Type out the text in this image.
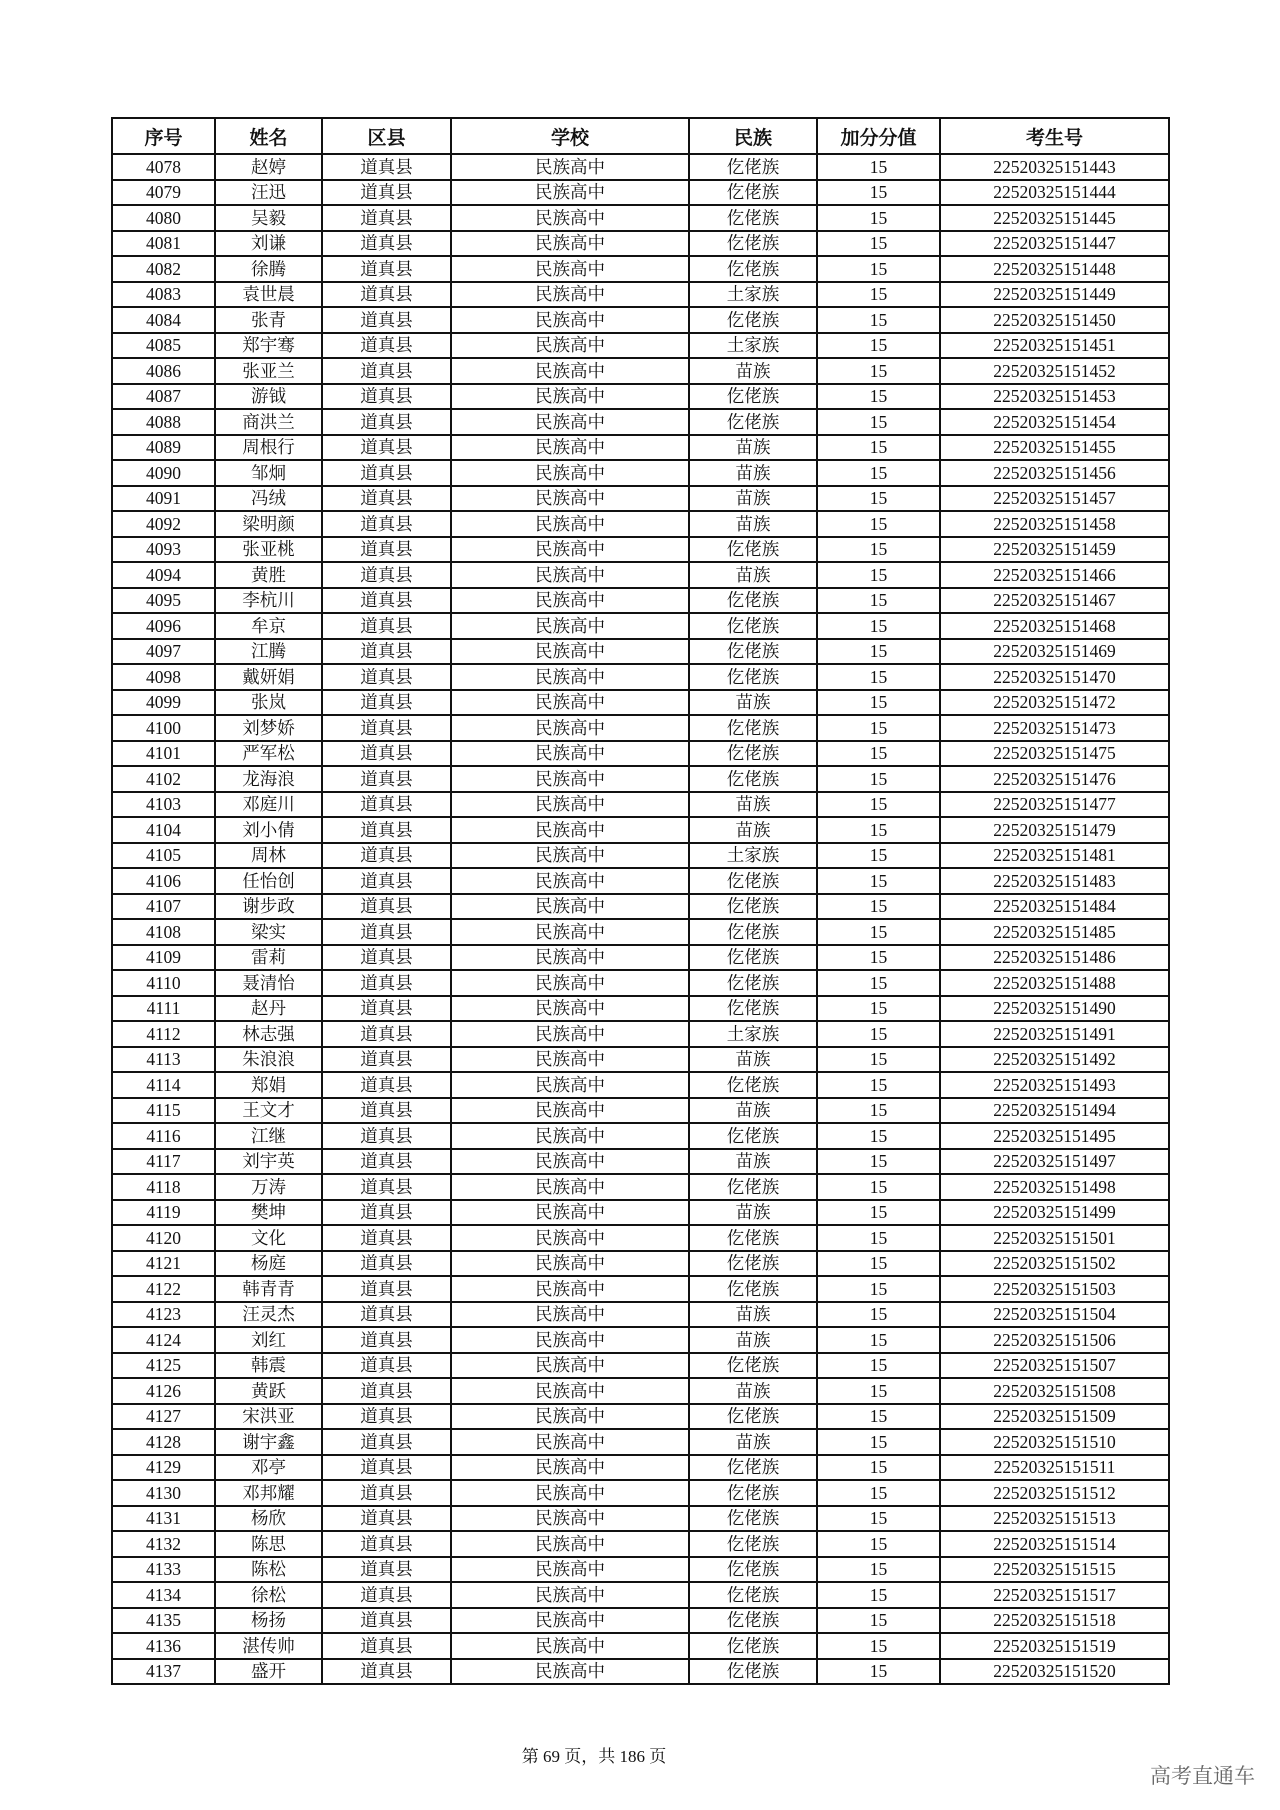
序号	姓名	区县	学校	民族	加分分值	考生号
4078	赵婷	道真县	民族高中	仡佬族	15	22520325151443
4079	汪迅	道真县	民族高中	仡佬族	15	22520325151444
4080	吴毅	道真县	民族高中	仡佬族	15	22520325151445
4081	刘谦	道真县	民族高中	仡佬族	15	22520325151447
4082	徐腾	道真县	民族高中	仡佬族	15	22520325151448
4083	袁世晨	道真县	民族高中	土家族	15	22520325151449
4084	张青	道真县	民族高中	仡佬族	15	22520325151450
4085	郑宇骞	道真县	民族高中	土家族	15	22520325151451
4086	张亚兰	道真县	民族高中	苗族	15	22520325151452
4087	游钺	道真县	民族高中	仡佬族	15	22520325151453
4088	商洪兰	道真县	民族高中	仡佬族	15	22520325151454
4089	周根行	道真县	民族高中	苗族	15	22520325151455
4090	邹炯	道真县	民族高中	苗族	15	22520325151456
4091	冯绒	道真县	民族高中	苗族	15	22520325151457
4092	梁明颜	道真县	民族高中	苗族	15	22520325151458
4093	张亚桃	道真县	民族高中	仡佬族	15	22520325151459
4094	黄胜	道真县	民族高中	苗族	15	22520325151466
4095	李杭川	道真县	民族高中	仡佬族	15	22520325151467
4096	牟京	道真县	民族高中	仡佬族	15	22520325151468
4097	江腾	道真县	民族高中	仡佬族	15	22520325151469
4098	戴妍娟	道真县	民族高中	仡佬族	15	22520325151470
4099	张岚	道真县	民族高中	苗族	15	22520325151472
4100	刘梦娇	道真县	民族高中	仡佬族	15	22520325151473
4101	严军松	道真县	民族高中	仡佬族	15	22520325151475
4102	龙海浪	道真县	民族高中	仡佬族	15	22520325151476
4103	邓庭川	道真县	民族高中	苗族	15	22520325151477
4104	刘小倩	道真县	民族高中	苗族	15	22520325151479
4105	周林	道真县	民族高中	土家族	15	22520325151481
4106	任怡创	道真县	民族高中	仡佬族	15	22520325151483
4107	谢步政	道真县	民族高中	仡佬族	15	22520325151484
4108	梁实	道真县	民族高中	仡佬族	15	22520325151485
4109	雷莉	道真县	民族高中	仡佬族	15	22520325151486
4110	聂清怡	道真县	民族高中	仡佬族	15	22520325151488
4111	赵丹	道真县	民族高中	仡佬族	15	22520325151490
4112	林志强	道真县	民族高中	土家族	15	22520325151491
4113	朱浪浪	道真县	民族高中	苗族	15	22520325151492
4114	郑娟	道真县	民族高中	仡佬族	15	22520325151493
4115	王文才	道真县	民族高中	苗族	15	22520325151494
4116	江继	道真县	民族高中	仡佬族	15	22520325151495
4117	刘宇英	道真县	民族高中	苗族	15	22520325151497
4118	万涛	道真县	民族高中	仡佬族	15	22520325151498
4119	樊坤	道真县	民族高中	苗族	15	22520325151499
4120	文化	道真县	民族高中	仡佬族	15	22520325151501
4121	杨庭	道真县	民族高中	仡佬族	15	22520325151502
4122	韩青青	道真县	民族高中	仡佬族	15	22520325151503
4123	汪灵杰	道真县	民族高中	苗族	15	22520325151504
4124	刘红	道真县	民族高中	苗族	15	22520325151506
4125	韩震	道真县	民族高中	仡佬族	15	22520325151507
4126	黄跃	道真县	民族高中	苗族	15	22520325151508
4127	宋洪亚	道真县	民族高中	仡佬族	15	22520325151509
4128	谢宇鑫	道真县	民族高中	苗族	15	22520325151510
4129	邓亭	道真县	民族高中	仡佬族	15	22520325151511
4130	邓邦耀	道真县	民族高中	仡佬族	15	22520325151512
4131	杨欣	道真县	民族高中	仡佬族	15	22520325151513
4132	陈思	道真县	民族高中	仡佬族	15	22520325151514
4133	陈松	道真县	民族高中	仡佬族	15	22520325151515
4134	徐松	道真县	民族高中	仡佬族	15	22520325151517
4135	杨扬	道真县	民族高中	仡佬族	15	22520325151518
4136	湛传帅	道真县	民族高中	仡佬族	15	22520325151519
4137	盛开	道真县	民族高中	仡佬族	15	22520325151520
第 69 页，共 186 页
高考直通车
